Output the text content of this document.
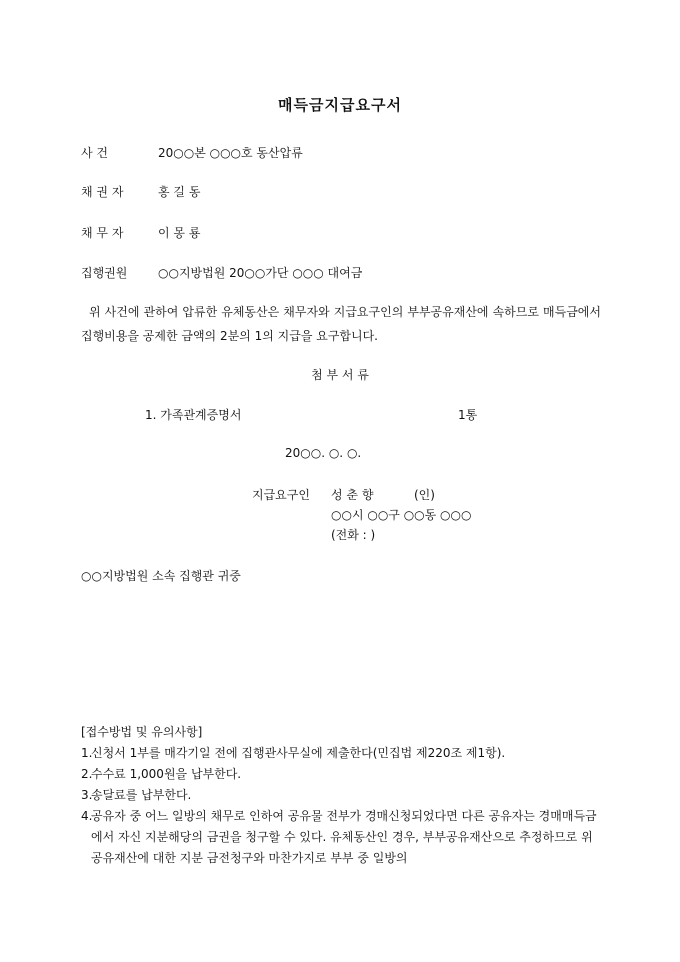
매득금지급요구서
사 건	20○○본 ○○○호 동산압류
채 권 자	홍 길 동
채 무 자	이 몽 룡
집행권원	○○지방법원 20○○가단 ○○○ 대여금
위 사건에 관하여 압류한 유체동산은 채무자와 지급요구인의 부부공유재산에 속하므로 매득금에서 집행비용을 공제한 금액의 2분의 1의 지급을 요구합니다.
첨 부 서 류
1. 가족관계증명서	1통
20○○. ○. ○.
지급요구인 성 춘 향	(인)
○○시 ○○구 ○○동 ○○○
(전화 : )
○○지방법원 소속 집행관 귀중
[접수방법 및 유의사항]
1.
신청서 1부를 매각기일 전에 집행관사무실에 제출한다(민집법 제220조 제1항).
2.
수수료 1,000원을 납부한다.
3.
송달료를 납부한다.
4.
공유자 중 어느 일방의 채무로 인하여 공유물 전부가 경매신청되었다면 다른 공유자는 경매매득금에서 자신 지분해당의 금권을 청구할 수 있다. 유체동산인 경우, 부부공유재산으로 추정하므로 위 공유재산에 대한 지분 금전청구와 마찬가지로 부부 중 일방의
